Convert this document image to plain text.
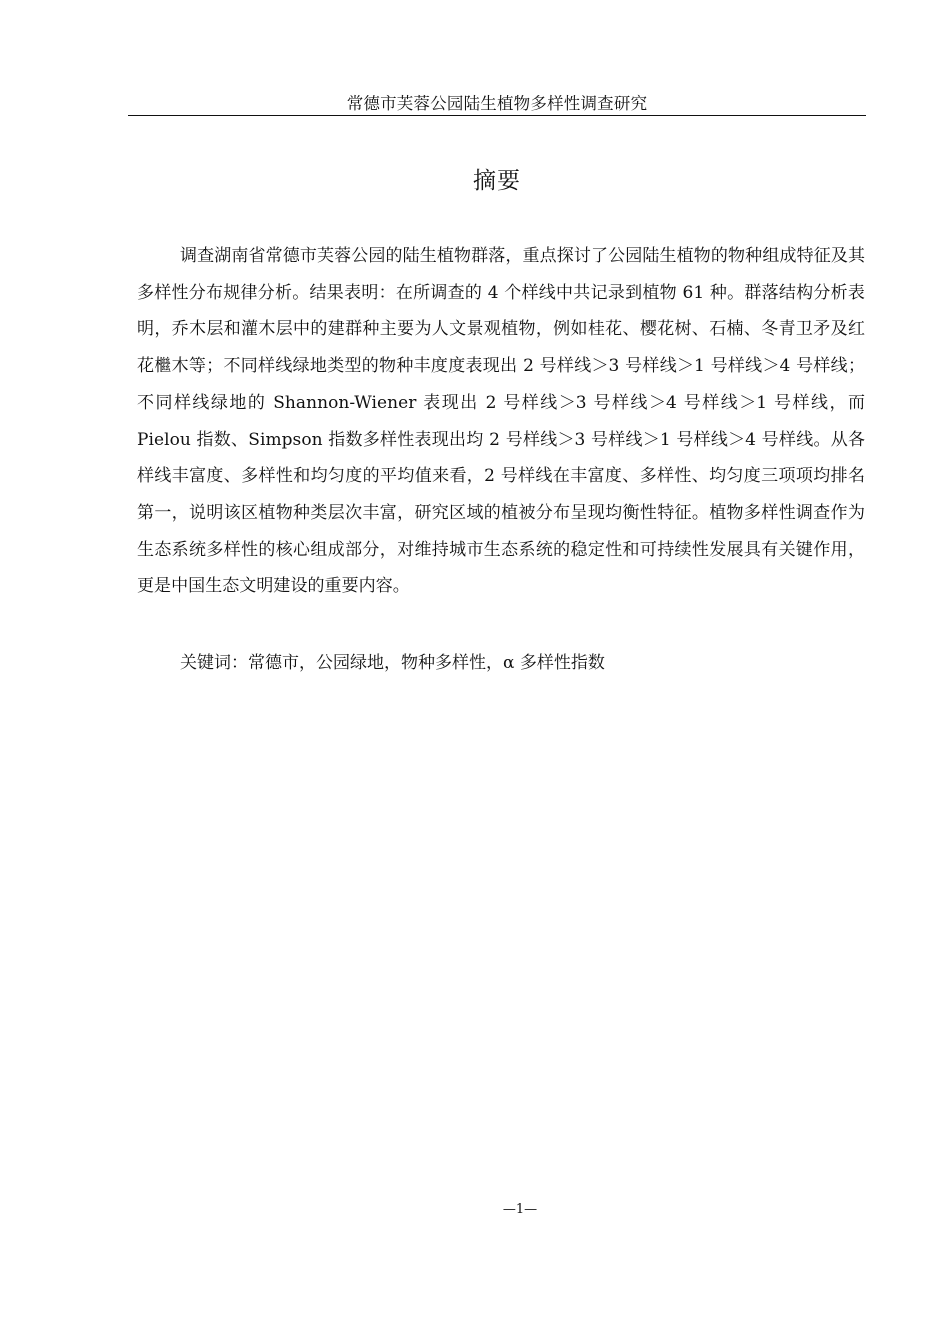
常德市芙蓉公园陆生植物多样性调查研究
摘要

调查湖南省常德市芙蓉公园的陆生植物群落，重点探讨了公园陆生植物的物种组成特征及其多样性分布规律分析。结果表明：在所调查的 4 个样线中共记录到植物 61 种。群落结构分析表明，乔木层和灌木层中的建群种主要为人文景观植物，例如桂花、樱花树、石楠、冬青卫矛及红花檵木等；不同样线绿地类型的物种丰度度表现出 2 号样线＞3 号样线＞1 号样线＞4 号样线；不同样线绿地的 Shannon-Wiener 表现出 2 号样线＞3 号样线＞4 号样线＞1 号样线，而 Pielou 指数、Simpson 指数多样性表现出均 2 号样线＞3 号样线＞1 号样线＞4 号样线。从各样线丰富度、多样性和均匀度的平均值来看，2 号样线在丰富度、多样性、均匀度三项项均排名第一，说明该区植物种类层次丰富，研究区域的植被分布呈现均衡性特征。植物多样性调查作为生态系统多样性的核心组成部分，对维持城市生态系统的稳定性和可持续性发展具有关键作用，更是中国生态文明建设的重要内容。

关键词：常德市，公园绿地，物种多样性，α 多样性指数

—1—
